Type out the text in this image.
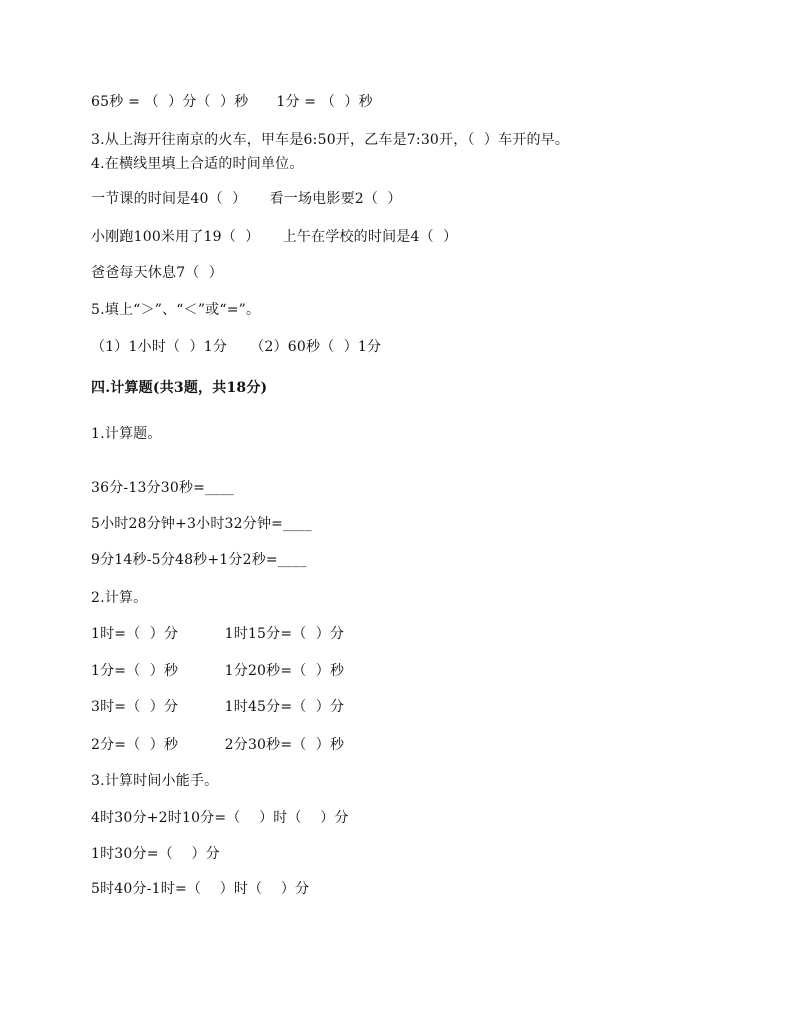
65秒 = （  ）分（  ）秒      1分 = （  ）秒
3.从上海开往南京的火车，甲车是6:50开，乙车是7:30开，（  ）车开的早。
4.在横线里填上合适的时间单位。
一节课的时间是40（  ）     看一场电影要2（  ）
小刚跑100米用了19（  ）     上午在学校的时间是4（  ）
爸爸每天休息7（  ）
5.填上“＞”、“＜”或“=”。
（1）1小时（  ）1分     （2）60秒（  ）1分
四.计算题(共3题，共18分)
1.计算题。
36分-13分30秒=____
5小时28分钟+3小时32分钟=____
9分14秒-5分48秒+1分2秒=____
2.计算。
1时=（  ）分          1时15分=（  ）分
1分=（  ）秒          1分20秒=（  ）秒
3时=（  ）分          1时45分=（  ）分
2分=（  ）秒          2分30秒=（  ）秒
3.计算时间小能手。
4时30分+2时10分=（    ）时（    ）分
1时30分=（    ）分
5时40分-1时=（    ）时（    ）分
